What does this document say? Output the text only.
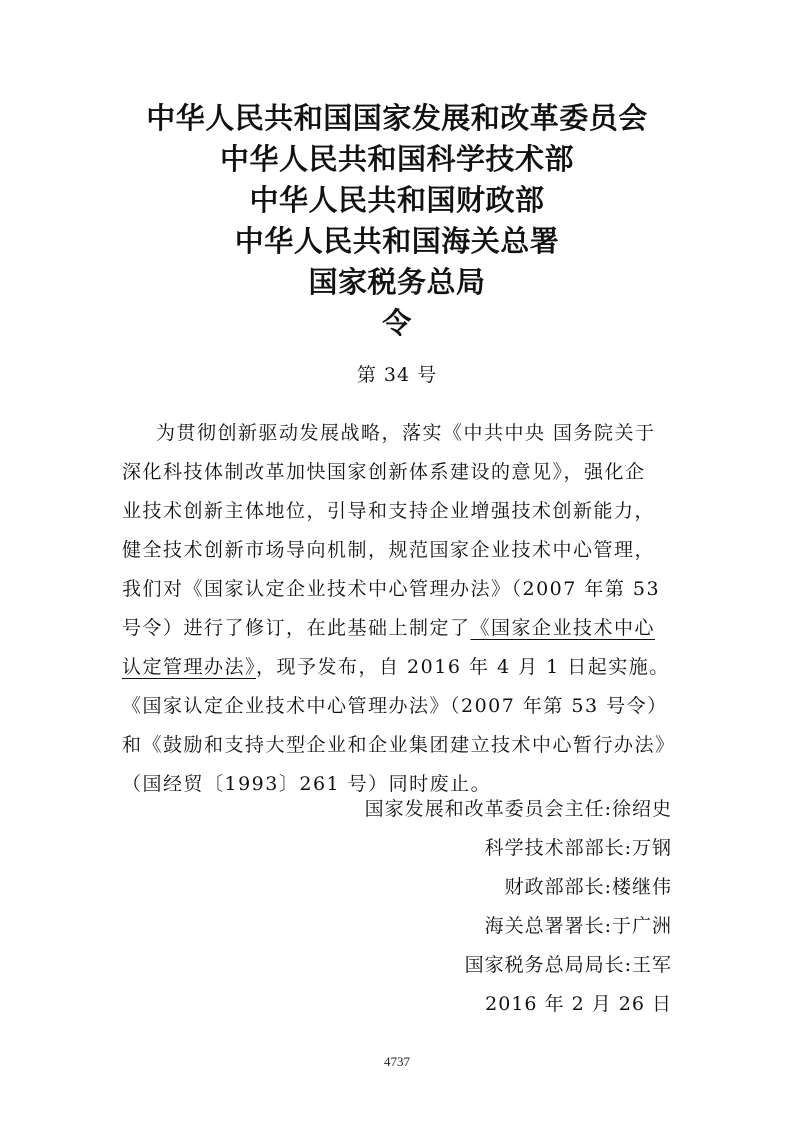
中华人民共和国国家发展和改革委员会
中华人民共和国科学技术部
中华人民共和国财政部
中华人民共和国海关总署
国家税务总局
令
第 34 号
为贯彻创新驱动发展战略，落实《中共中央 国务院关于
深化科技体制改革加快国家创新体系建设的意见》，强化企
业技术创新主体地位，引导和支持企业增强技术创新能力，
健全技术创新市场导向机制，规范国家企业技术中心管理，
我们对《国家认定企业技术中心管理办法》（2007 年第 53
号令）进行了修订，在此基础上制定了《国家企业技术中心
认定管理办法》，现予发布，自 2016 年 4 月 1 日起实施。
《国家认定企业技术中心管理办法》（2007 年第 53 号令）
和《鼓励和支持大型企业和企业集团建立技术中心暂行办法》
（国经贸〔1993〕261 号）同时废止。
国家发展和改革委员会主任:徐绍史
科学技术部部长:万钢
财政部部长:楼继伟
海关总署署长:于广洲
国家税务总局局长:王军
2016 年 2 月 26 日
4737
